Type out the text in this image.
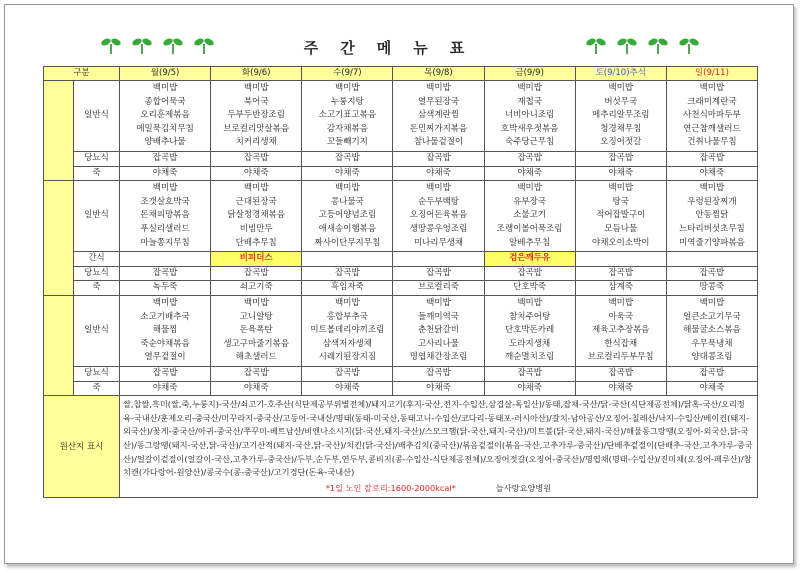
주간메뉴표
구분		월(9/5)	화(9/6)	수(9/7)	목(9/8)	금(9/9)	토(9/10)추석	일(9/11)
	일반식	백미밥
종합어묵국
오리훈제볶음
메밀묵김치무침
양배추나물	백미밥
북어국
두부두반장조림
브로컬리맛살볶음
치커리생채	백미밥
누룽지탕
소고기표고볶음
감자채볶음
꼬들빼기지	백미밥
열무된장국
삼색계란찜
돈민찌가지볶음
참나물겉절이	백미밥
재첩국
너비아니조림
호박새우젓볶음
숙주당근무침	백미밥
버섯무국
메추리알무조림
청경채무침
오징어젓갈	백미밥
크래미계란국
사천식마파두부
연근참깨샐러드
건취나물무침

	당뇨식	잡곡밥	잡곡밥	잡곡밥	잡곡밥	잡곡밥	잡곡밥	잡곡밥
	죽	야채죽	야채죽	야채죽	야채죽	야채죽	야채죽	야채죽
	일반식	백미밥
조갯살호박국
돈채피망볶음
푸실리샐러드
마늘쫑지무침	백미밥
근대된장국
닭살청경채볶음
비빔만두
단배추무침	백미밥
콩나물국
고등어양념조림
애새송이햄볶음
짜사이단무지무침	백미밥
순두부백탕
오징어돈육볶음
생땅콩우엉조림
미나리무생채	백미밥
유부장국
소불고기
조랭이볼어묵조림
알배추무침	백미밥
탕국
적어잡발구이
모듬나물
야채오이소박이	백미밥
우렁된장찌개
안동찜닭
느타리버섯초무침
미역줄기양파볶음

	간식		비피더스			검은깨두유		
	당뇨식	잡곡밥	잡곡밥	잡곡밥	잡곡밥	잡곡밥	잡곡밥	잡곡밥
	죽	녹두죽	쇠고기죽	흑임자죽	브로컬리죽	단호박죽	삼계죽	땅콩죽
	일반식	백미밥
소고기배추국
해물찜
죽순야채볶음
열무겉절이	백미밥
고니알탕
돈육폭탄
생고구마줄기볶음
해초샐러드	백미밥
홍합부추국
미트볼데리야끼조림
삼색저자생채
시래기된장지짐	백미밥
들깨미역국
춘천닭갈비
고사리나물
명엽채간장조림	백미밥
참치주어탕
단호박돈카레
도라지생채
깨순멸치조림	백미밥
아욱국
제육고추장볶음
한식잡채
브로컬리두부무침	백미밥
얼큰소고기무국
해물굴소스볶음
우무묵냉채
양대콩조림

	당뇨식	잡곡밥	잡곡밥	잡곡밥	잡곡밥	잡곡밥	잡곡밥	잡곡밥
	죽	야채죽	야채죽	야채죽	야채죽	야채죽	야채죽	야채죽
원산지 표시		쌀,찹쌀,흑미(쌀,죽,누룽지)-국산/쇠고기-호주산(식단제공부위별전체)/돼지고기(후지-국산,전지-수입산,삼겹살-독일산)/동태,잡채-국산/닭-국산(식단제공전체)/닭혹-국산/오리정육-국내산/훈제오리-중국산/미꾸라지-중국산/고등어-국내산/명태(동태-미국산,동태고니-수입산/코다리-동태포-러시아산)/갈치-남아공산/오징어-칠레산/낙지-수입산/베이컨(돼지-외국산)/꽃게-중국산/아귀-중국산/쭈꾸미-베트남산/비엔나소시지(닭-국산,돼지-국산)/스모크햄(닭-국산,돼지-국산)/미트볼(닭-국산,돼지-국산)/해물동그랑땡(오징어-외국산,닭-국산)/동그랑땡(돼지-국산,닭-국산)/고기산적(돼지-국산,닭-국산)/치킨(닭-국산)/배추김치(중국산)/볶음겉절이(볶음-국산,고추가루-중국산)/단배추겉절이(단배추-국산,고추가루-중국산)/얼갈이겉절이(얼갈이-국산,고추가루-중국산)/두부,순두부,연두부,콩비지(콩-수입산-식단제공전체)/오징어젓갈(오징어-중국산)/명엽채(명태-수입산)/진미채(오징어-페루산)/참치캔(가다랑어-원양산)/콩국수(콩-중국산)/고기경단(돈육-국내산)
*1일 노인 칼로리:1600-2000kcal* 늘사랑요양병원						
